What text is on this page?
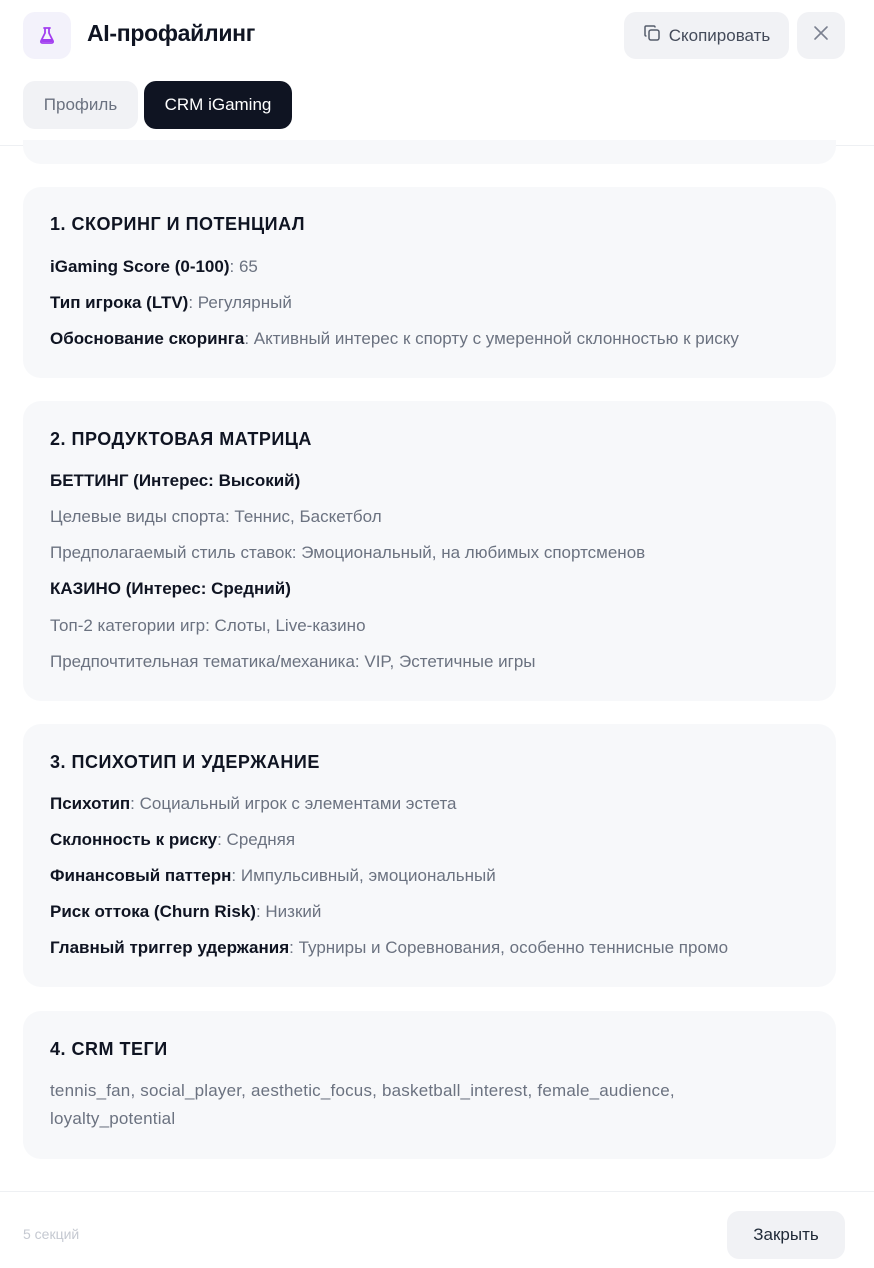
AI-профайлинг	Скопировать
Профиль	CRM iGaming
1. СКОРИНГ И ПОТЕНЦИАЛ
iGaming Score (0-100): 65
Тип игрока (LTV): Регулярный
Обоснование скоринга: Активный интерес к спорту с умеренной склонностью к риску
2. ПРОДУКТОВАЯ МАТРИЦА
БЕТТИНГ (Интерес: Высокий)
Целевые виды спорта: Теннис, Баскетбол
Предполагаемый стиль ставок: Эмоциональный, на любимых спортсменов
КАЗИНО (Интерес: Средний)
Топ-2 категории игр: Слоты, Live-казино
Предпочтительная тематика/механика: VIP, Эстетичные игры
3. ПСИХОТИП И УДЕРЖАНИЕ
Психотип: Социальный игрок с элементами эстета
Склонность к риску: Средняя
Финансовый паттерн: Импульсивный, эмоциональный
Риск оттока (Churn Risk): Низкий
Главный триггер удержания: Турниры и Соревнования, особенно теннисные промо
4. CRM ТЕГИ
tennis_fan, social_player, aesthetic_focus, basketball_interest, female_audience, loyalty_potential
5 секций	Закрыть
